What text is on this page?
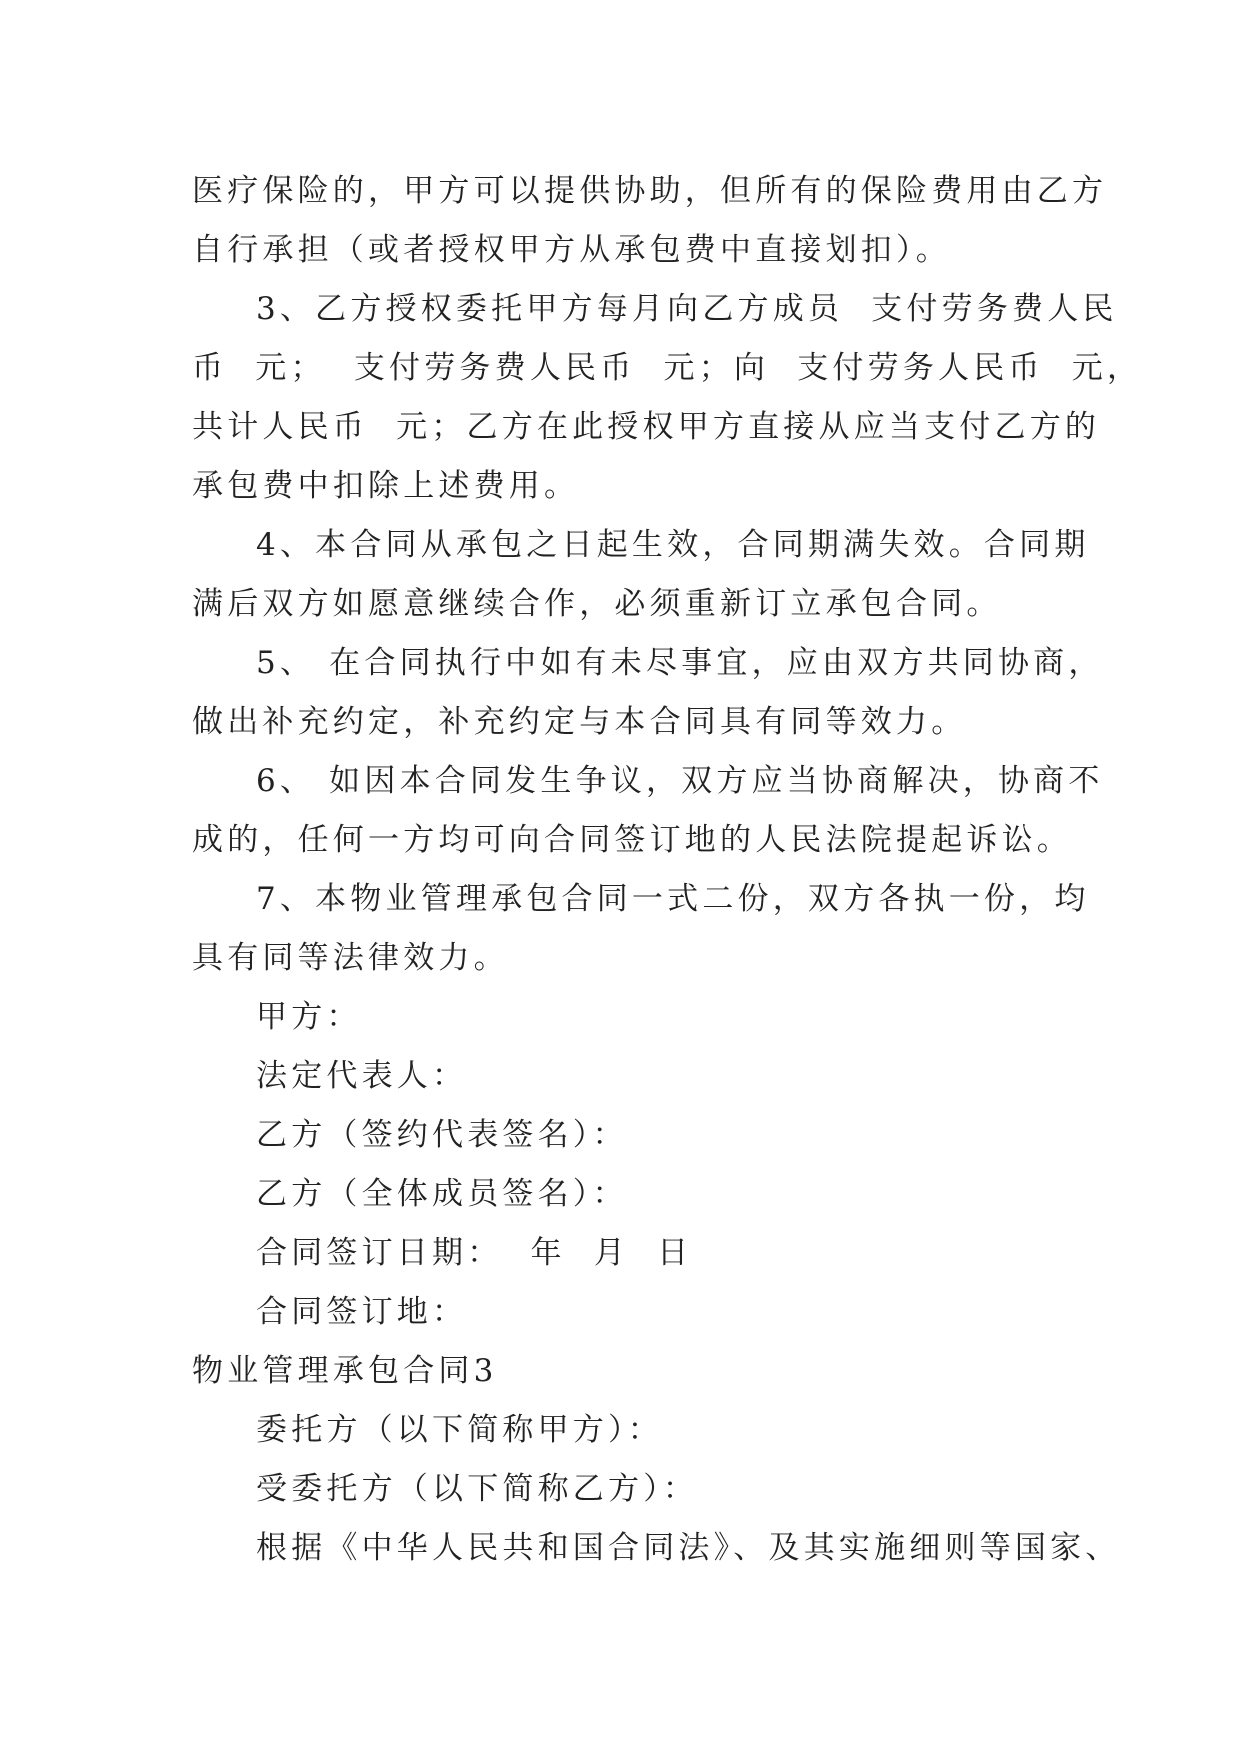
医疗保险的，甲方可以提供协助，但所有的保险费用由乙方

自行承担（或者授权甲方从承包费中直接划扣）。

3、乙方授权委托甲方每月向乙方成员  支付劳务费人民

币  元；  支付劳务费人民币  元；向  支付劳务人民币  元，

共计人民币  元；乙方在此授权甲方直接从应当支付乙方的

承包费中扣除上述费用。

4、本合同从承包之日起生效，合同期满失效。合同期

满后双方如愿意继续合作，必须重新订立承包合同。

5、 在合同执行中如有未尽事宜，应由双方共同协商，

做出补充约定，补充约定与本合同具有同等效力。

6、 如因本合同发生争议，双方应当协商解决，协商不

成的，任何一方均可向合同签订地的人民法院提起诉讼。

7、本物业管理承包合同一式二份，双方各执一份，均

具有同等法律效力。

甲方：

法定代表人：

乙方（签约代表签名）：

乙方（全体成员签名）：

合同签订日期：  年  月  日

合同签订地：

物业管理承包合同3

委托方（以下简称甲方）：

受委托方（以下简称乙方）：

根据《中华人民共和国合同法》、及其实施细则等国家、
